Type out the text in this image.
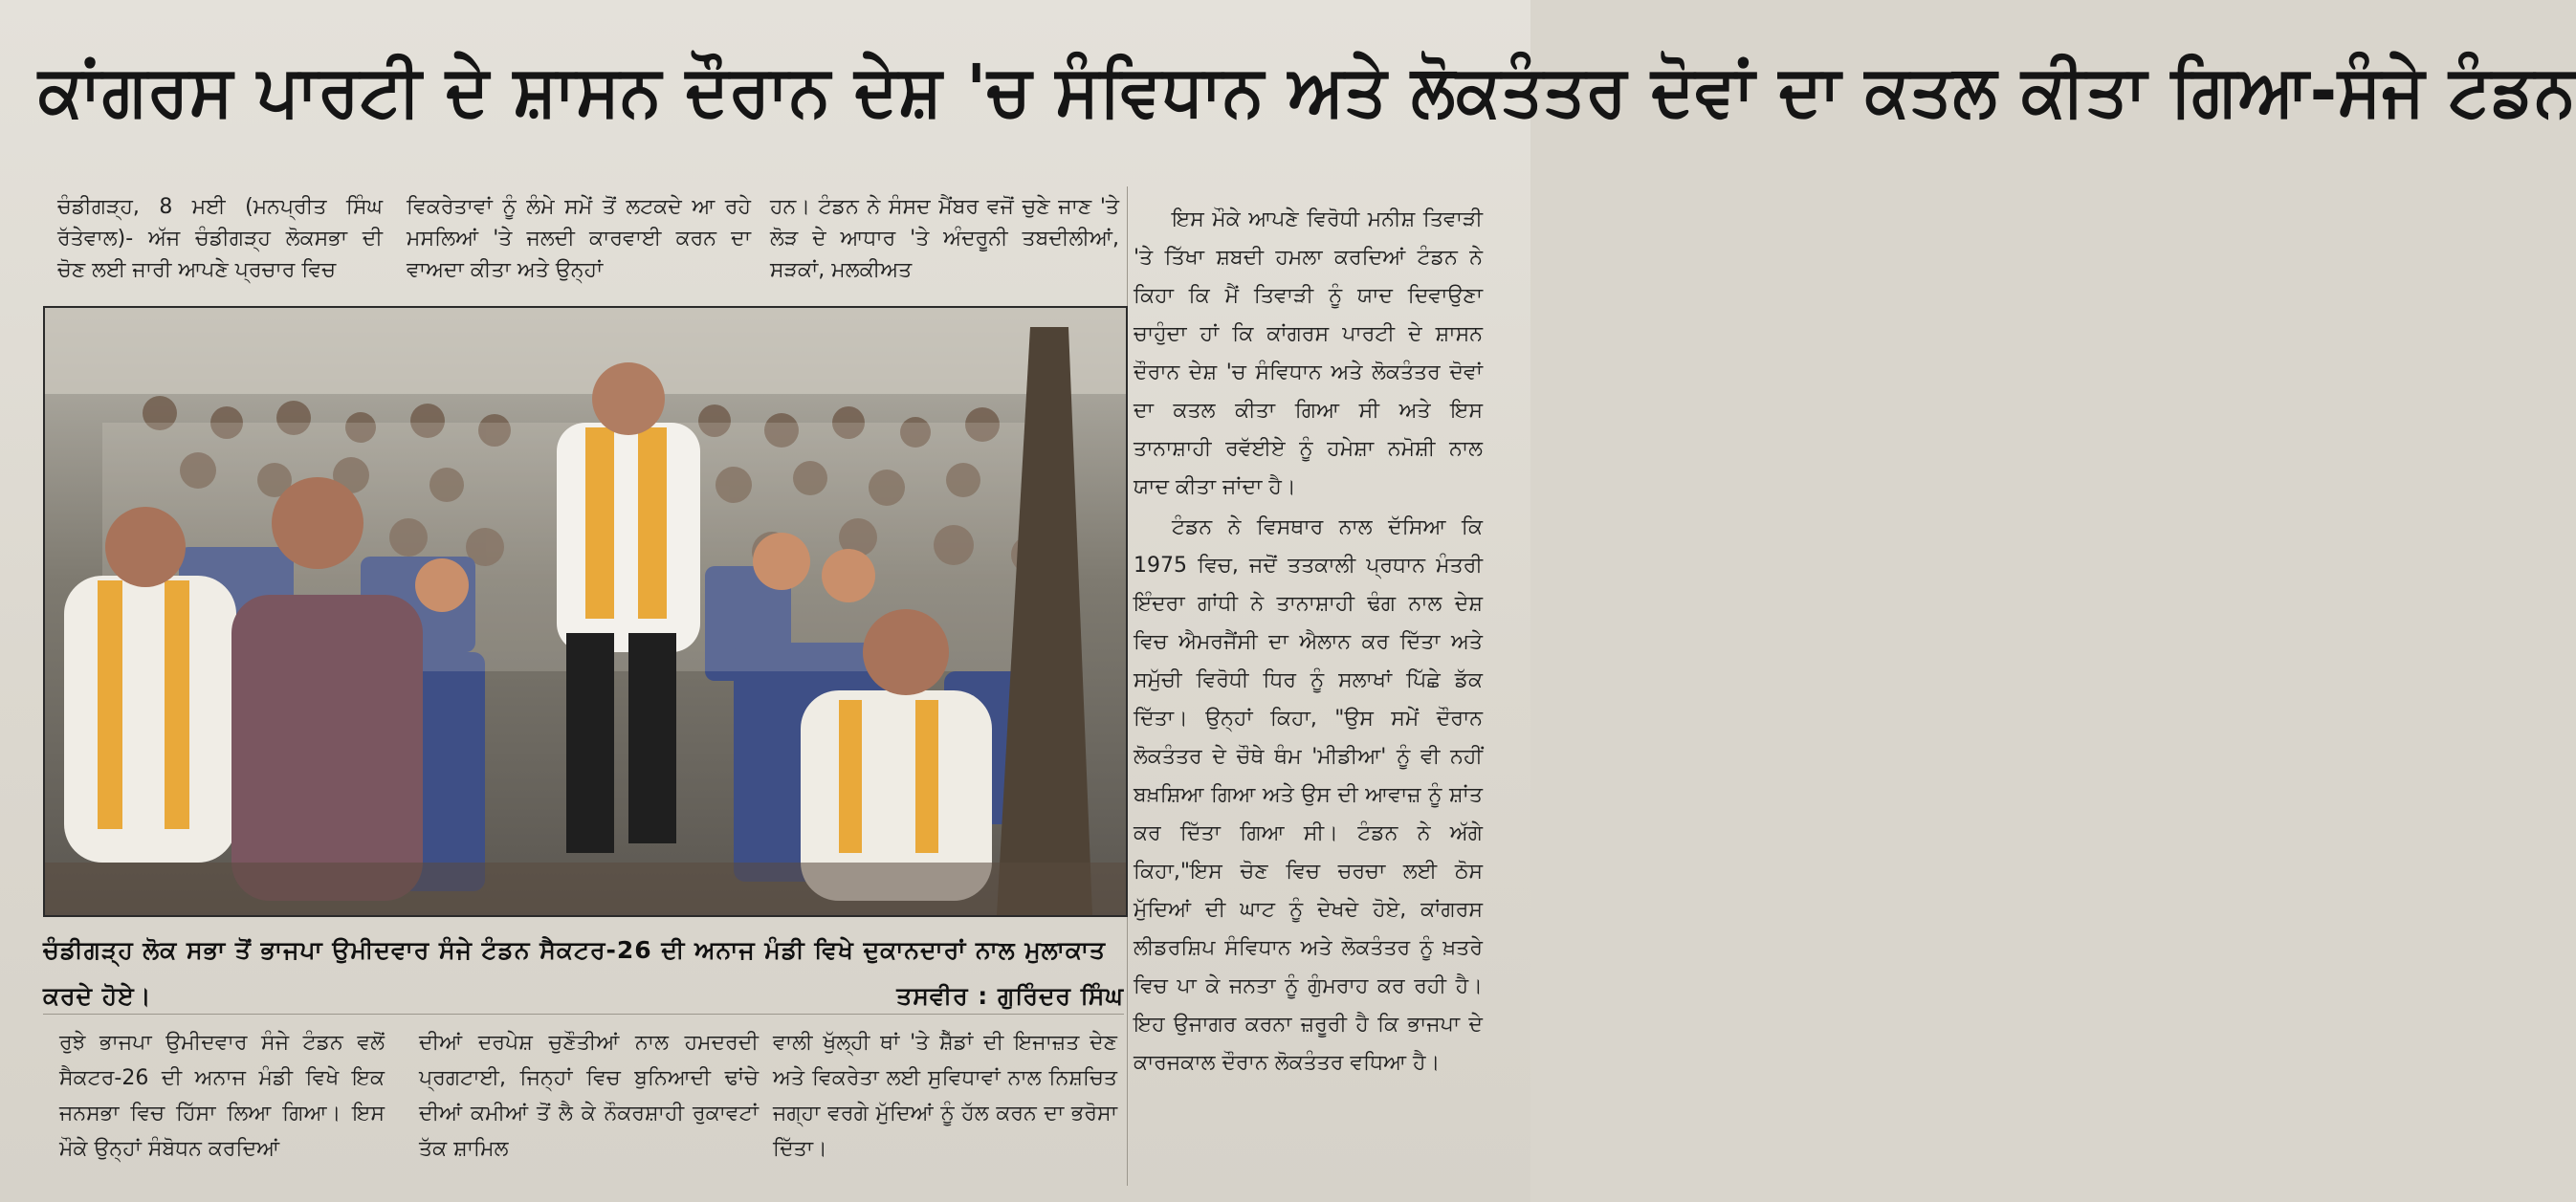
ਕਾਂਗਰਸ ਪਾਰਟੀ ਦੇ ਸ਼ਾਸਨ ਦੌਰਾਨ ਦੇਸ਼ 'ਚ ਸੰਵਿਧਾਨ ਅਤੇ ਲੋਕਤੰਤਰ ਦੋਵਾਂ ਦਾ ਕਤਲ ਕੀਤਾ ਗਿਆ-ਸੰਜੇ ਟੰਡਨ

ਚੰਡੀਗੜ੍ਹ, 8 ਮਈ (ਮਨਪ੍ਰੀਤ ਸਿੰਘ ਰੱਤੇਵਾਲ)- ਅੱਜ ਚੰਡੀਗੜ੍ਹ ਲੋਕਸਭਾ ਦੀ ਚੋਣ ਲਈ ਜਾਰੀ ਆਪਣੇ ਪ੍ਰਚਾਰ ਵਿਚ

ਵਿਕਰੇਤਾਵਾਂ ਨੂੰ ਲੰਮੇ ਸਮੇਂ ਤੋਂ ਲਟਕਦੇ ਆ ਰਹੇ ਮਸਲਿਆਂ 'ਤੇ ਜਲਦੀ ਕਾਰਵਾਈ ਕਰਨ ਦਾ ਵਾਅਦਾ ਕੀਤਾ ਅਤੇ ਉਨ੍ਹਾਂ

ਹਨ। ਟੰਡਨ ਨੇ ਸੰਸਦ ਮੈਂਬਰ ਵਜੋਂ ਚੁਣੇ ਜਾਣ 'ਤੇ ਲੋੜ ਦੇ ਆਧਾਰ 'ਤੇ ਅੰਦਰੂਨੀ ਤਬਦੀਲੀਆਂ, ਸੜਕਾਂ, ਮਲਕੀਅਤ

ਇਸ ਮੌਕੇ ਆਪਣੇ ਵਿਰੋਧੀ ਮਨੀਸ਼ ਤਿਵਾੜੀ 'ਤੇ ਤਿੱਖਾ ਸ਼ਬਦੀ ਹਮਲਾ ਕਰਦਿਆਂ ਟੰਡਨ ਨੇ ਕਿਹਾ ਕਿ ਮੈਂ ਤਿਵਾੜੀ ਨੂੰ ਯਾਦ ਦਿਵਾਉਣਾ ਚਾਹੁੰਦਾ ਹਾਂ ਕਿ ਕਾਂਗਰਸ ਪਾਰਟੀ ਦੇ ਸ਼ਾਸਨ ਦੌਰਾਨ ਦੇਸ਼ 'ਚ ਸੰਵਿਧਾਨ ਅਤੇ ਲੋਕਤੰਤਰ ਦੋਵਾਂ ਦਾ ਕਤਲ ਕੀਤਾ ਗਿਆ ਸੀ ਅਤੇ ਇਸ ਤਾਨਾਸ਼ਾਹੀ ਰਵੱਈਏ ਨੂੰ ਹਮੇਸ਼ਾ ਨਮੋਸ਼ੀ ਨਾਲ ਯਾਦ ਕੀਤਾ ਜਾਂਦਾ ਹੈ।

ਟੰਡਨ ਨੇ ਵਿਸਥਾਰ ਨਾਲ ਦੱਸਿਆ ਕਿ 1975 ਵਿਚ, ਜਦੋਂ ਤਤਕਾਲੀ ਪ੍ਰਧਾਨ ਮੰਤਰੀ ਇੰਦਰਾ ਗਾਂਧੀ ਨੇ ਤਾਨਾਸ਼ਾਹੀ ਢੰਗ ਨਾਲ ਦੇਸ਼ ਵਿਚ ਐਮਰਜੈਂਸੀ ਦਾ ਐਲਾਨ ਕਰ ਦਿੱਤਾ ਅਤੇ ਸਮੁੱਚੀ ਵਿਰੋਧੀ ਧਿਰ ਨੂੰ ਸਲਾਖਾਂ ਪਿੱਛੇ ਡੱਕ ਦਿੱਤਾ। ਉਨ੍ਹਾਂ ਕਿਹਾ, "ਉਸ ਸਮੇਂ ਦੌਰਾਨ ਲੋਕਤੰਤਰ ਦੇ ਚੌਥੇ ਥੰਮ 'ਮੀਡੀਆ' ਨੂੰ ਵੀ ਨਹੀਂ ਬਖ਼ਸ਼ਿਆ ਗਿਆ ਅਤੇ ਉਸ ਦੀ ਆਵਾਜ਼ ਨੂੰ ਸ਼ਾਂਤ ਕਰ ਦਿੱਤਾ ਗਿਆ ਸੀ। ਟੰਡਨ ਨੇ ਅੱਗੇ ਕਿਹਾ,"ਇਸ ਚੋਣ ਵਿਚ ਚਰਚਾ ਲਈ ਠੋਸ ਮੁੱਦਿਆਂ ਦੀ ਘਾਟ ਨੂੰ ਦੇਖਦੇ ਹੋਏ, ਕਾਂਗਰਸ ਲੀਡਰਸ਼ਿਪ ਸੰਵਿਧਾਨ ਅਤੇ ਲੋਕਤੰਤਰ ਨੂੰ ਖ਼ਤਰੇ ਵਿਚ ਪਾ ਕੇ ਜਨਤਾ ਨੂੰ ਗੁੰਮਰਾਹ ਕਰ ਰਹੀ ਹੈ। ਇਹ ਉਜਾਗਰ ਕਰਨਾ ਜ਼ਰੂਰੀ ਹੈ ਕਿ ਭਾਜਪਾ ਦੇ ਕਾਰਜਕਾਲ ਦੌਰਾਨ ਲੋਕਤੰਤਰ ਵਧਿਆ ਹੈ।

ਚੰਡੀਗੜ੍ਹ ਲੋਕ ਸਭਾ ਤੋਂ ਭਾਜਪਾ ਉਮੀਦਵਾਰ ਸੰਜੇ ਟੰਡਨ ਸੈਕਟਰ-26 ਦੀ ਅਨਾਜ ਮੰਡੀ ਵਿਖੇ ਦੁਕਾਨਦਾਰਾਂ ਨਾਲ ਮੁਲਾਕਾਤ ਕਰਦੇ ਹੋਏ।	ਤਸਵੀਰ : ਗੁਰਿੰਦਰ ਸਿੰਘ

ਰੁਝੇ ਭਾਜਪਾ ਉਮੀਦਵਾਰ ਸੰਜੇ ਟੰਡਨ ਵਲੋਂ ਸੈਕਟਰ-26 ਦੀ ਅਨਾਜ ਮੰਡੀ ਵਿਖੇ ਇਕ ਜਨਸਭਾ ਵਿਚ ਹਿੱਸਾ ਲਿਆ ਗਿਆ। ਇਸ ਮੌਕੇ ਉਨ੍ਹਾਂ ਸੰਬੋਧਨ ਕਰਦਿਆਂ

ਦੀਆਂ ਦਰਪੇਸ਼ ਚੁਣੌਤੀਆਂ ਨਾਲ ਹਮਦਰਦੀ ਪ੍ਰਗਟਾਈ, ਜਿਨ੍ਹਾਂ ਵਿਚ ਬੁਨਿਆਦੀ ਢਾਂਚੇ ਦੀਆਂ ਕਮੀਆਂ ਤੋਂ ਲੈ ਕੇ ਨੌਕਰਸ਼ਾਹੀ ਰੁਕਾਵਟਾਂ ਤੱਕ ਸ਼ਾਮਿਲ

ਵਾਲੀ ਖੁੱਲ੍ਹੀ ਥਾਂ 'ਤੇ ਸ਼ੈੱਡਾਂ ਦੀ ਇਜਾਜ਼ਤ ਦੇਣ ਅਤੇ ਵਿਕਰੇਤਾ ਲਈ ਸੁਵਿਧਾਵਾਂ ਨਾਲ ਨਿਸ਼ਚਿਤ ਜਗ੍ਹਾ ਵਰਗੇ ਮੁੱਦਿਆਂ ਨੂੰ ਹੱਲ ਕਰਨ ਦਾ ਭਰੋਸਾ ਦਿੱਤਾ।
